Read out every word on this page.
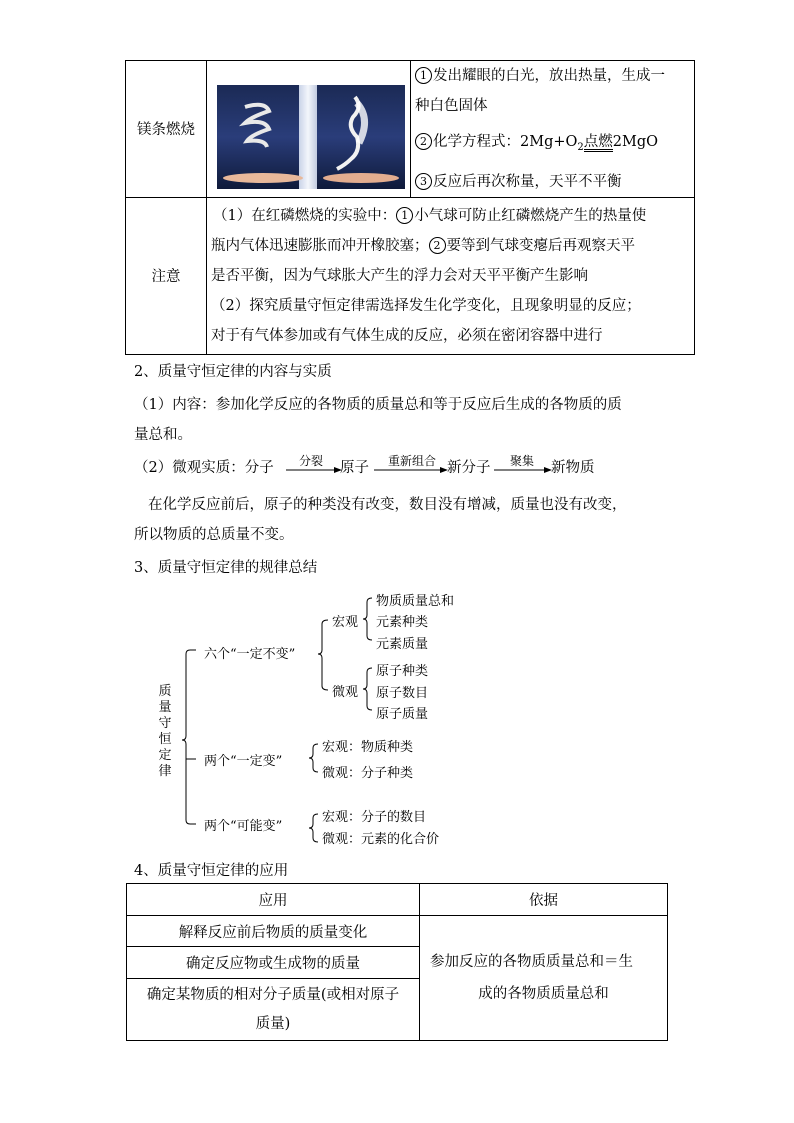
镁条燃烧		1 发出耀眼的白光，放出热量，生成一
种白色固体
2 化学方程式：$2Mg+O_2$点燃2MgO
3 反应后再次称量，天平不平衡

注意	（1）在红磷燃烧的实验中： 1 小气球可防止红磷燃烧产生的热量使
瓶内气体迅速膨胀而冲开橡胶塞； 2 要等到气球变瘪后再观察天平
是否平衡，因为气球胀大产生的浮力会对天平平衡产生影响
（2）探究质量守恒定律需选择发生化学变化，且现象明显的反应；
对于有气体参加或有气体生成的反应，必须在密闭容器中进行	
2、质量守恒定律的内容与实质
（1）内容：参加化学反应的各物质的质量总和等于反应后生成的各物质的质
量总和。
（2）微观实质：分子 分裂 原子 重新组合 新分子 聚集 新物质
在化学反应前后，原子的种类没有改变，数目没有增减，质量也没有改变，
所以物质的总质量不变。
3、质量守恒定律的规律总结
质
量
守
恒
定
律
六个“一定不变”
宏观
物质质量总和
元素种类
元素质量
微观
原子种类
原子数目
原子质量
两个“一定变”
宏观：物质种类
微观：分子种类
两个“可能变”
宏观：分子的数目
微观：元素的化合价
4、质量守恒定律的应用
应用	依据
解释反应前后物质的质量变化	参加反应的各物质质量总和＝生
成的各物质质量总和

确定反应物或生成物的质量	

确定某物质的相对分子质量(或相对原子
质量)	
